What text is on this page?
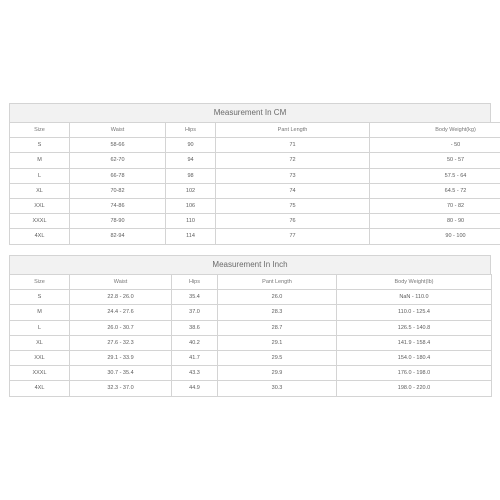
Measurement In CM
Size	Waist	Hips	Pant Length	Body Weight(kg)
S	58-66	90	71	- 50
M	62-70	94	72	50 - 57
L	66-78	98	73	57.5 - 64
XL	70-82	102	74	64.5 - 72
XXL	74-86	106	75	70 - 82
XXXL	78-90	110	76	80 - 90
4XL	82-94	114	77	90 - 100
Measurement In Inch
Size	Waist	Hips	Pant Length	Body Weight(lb)
S	22.8 - 26.0	35.4	26.0	NaN - 110.0
M	24.4 - 27.6	37.0	28.3	110.0 - 125.4
L	26.0 - 30.7	38.6	28.7	126.5 - 140.8
XL	27.6 - 32.3	40.2	29.1	141.9 - 158.4
XXL	29.1 - 33.9	41.7	29.5	154.0 - 180.4
XXXL	30.7 - 35.4	43.3	29.9	176.0 - 198.0
4XL	32.3 - 37.0	44.9	30.3	198.0 - 220.0
